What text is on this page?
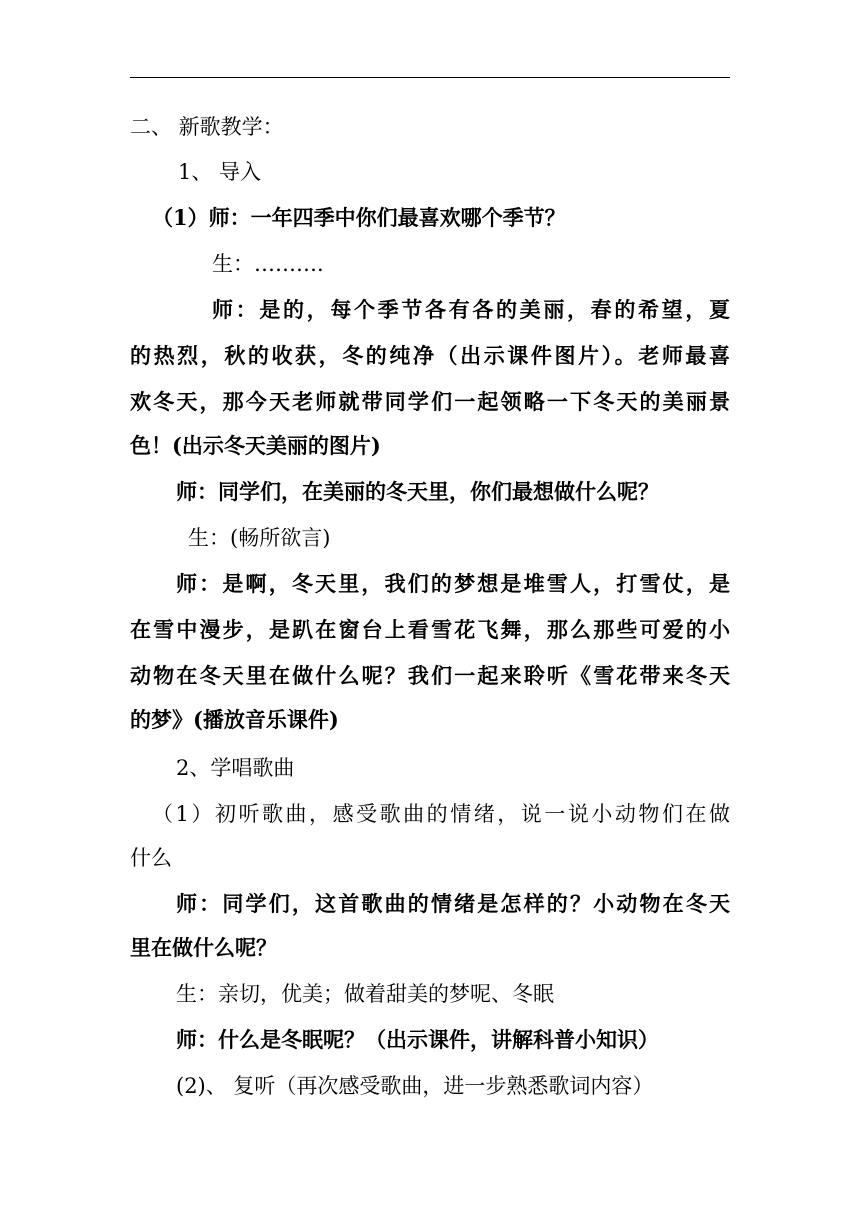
二、 新歌教学：
1、 导入
（1）师：一年四季中你们最喜欢哪个季节？
生：……….
师：是的，每个季节各有各的美丽，春的希望，夏
的热烈，秋的收获，冬的纯净（出示课件图片）。老师最喜
欢冬天，那今天老师就带同学们一起领略一下冬天的美丽景
色！(出示冬天美丽的图片)
师：同学们，在美丽的冬天里，你们最想做什么呢？
生：(畅所欲言)
师：是啊，冬天里，我们的梦想是堆雪人，打雪仗，是
在雪中漫步，是趴在窗台上看雪花飞舞，那么那些可爱的小
动物在冬天里在做什么呢？我们一起来聆听《雪花带来冬天
的梦》(播放音乐课件)
2、学唱歌曲
（1）初听歌曲，感受歌曲的情绪，说一说小动物们在做
什么
师：同学们，这首歌曲的情绪是怎样的？小动物在冬天
里在做什么呢？
生：亲切，优美；做着甜美的梦呢、冬眠
师：什么是冬眠呢？（出示课件，讲解科普小知识）
(2)、 复听（再次感受歌曲，进一步熟悉歌词内容）
